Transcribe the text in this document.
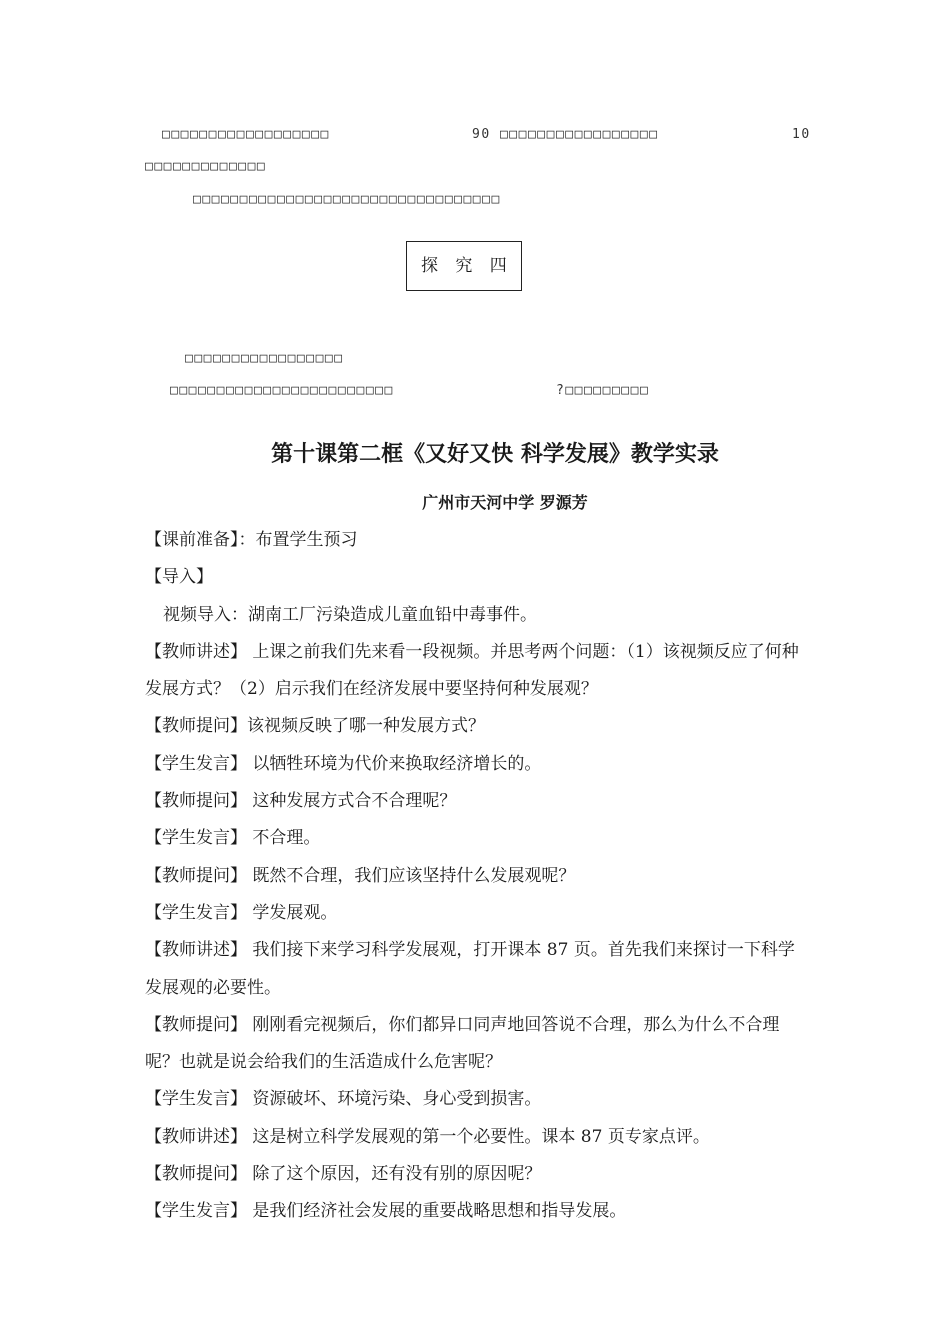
□□□□□□□□□□□□□□□□□□	90 □□□□□□□□□□□□□□□□□	10
□□□□□□□□□□□□□
□□□□□□□□□□□□□□□□□□□□□□□□□□□□□□□□□
探 究 四
□□□□□□□□□□□□□□□□□
□□□□□□□□□□□□□□□□□□□□□□□□	?□□□□□□□□□
第十课第二框《又好又快 科学发展》教学实录
广州市天河中学 罗源芳

【课前准备】：布置学生预习

【导入】

视频导入：湖南工厂污染造成儿童血铅中毒事件。

【教师讲述】 上课之前我们先来看一段视频。并思考两个问题：（1）该视频反应了何种发展方式？（2）启示我们在经济发展中要坚持何种发展观？

【教师提问】该视频反映了哪一种发展方式？

【学生发言】 以牺牲环境为代价来换取经济增长的。

【教师提问】 这种发展方式合不合理呢？

【学生发言】 不合理。

【教师提问】 既然不合理，我们应该坚持什么发展观呢？

【学生发言】 学发展观。

【教师讲述】 我们接下来学习科学发展观，打开课本 87 页。首先我们来探讨一下科学发展观的必要性。

【教师提问】 刚刚看完视频后，你们都异口同声地回答说不合理，那么为什么不合理呢？也就是说会给我们的生活造成什么危害呢？

【学生发言】 资源破坏、环境污染、身心受到损害。

【教师讲述】 这是树立科学发展观的第一个必要性。课本 87 页专家点评。

【教师提问】 除了这个原因，还有没有别的原因呢？

【学生发言】 是我们经济社会发展的重要战略思想和指导发展。
